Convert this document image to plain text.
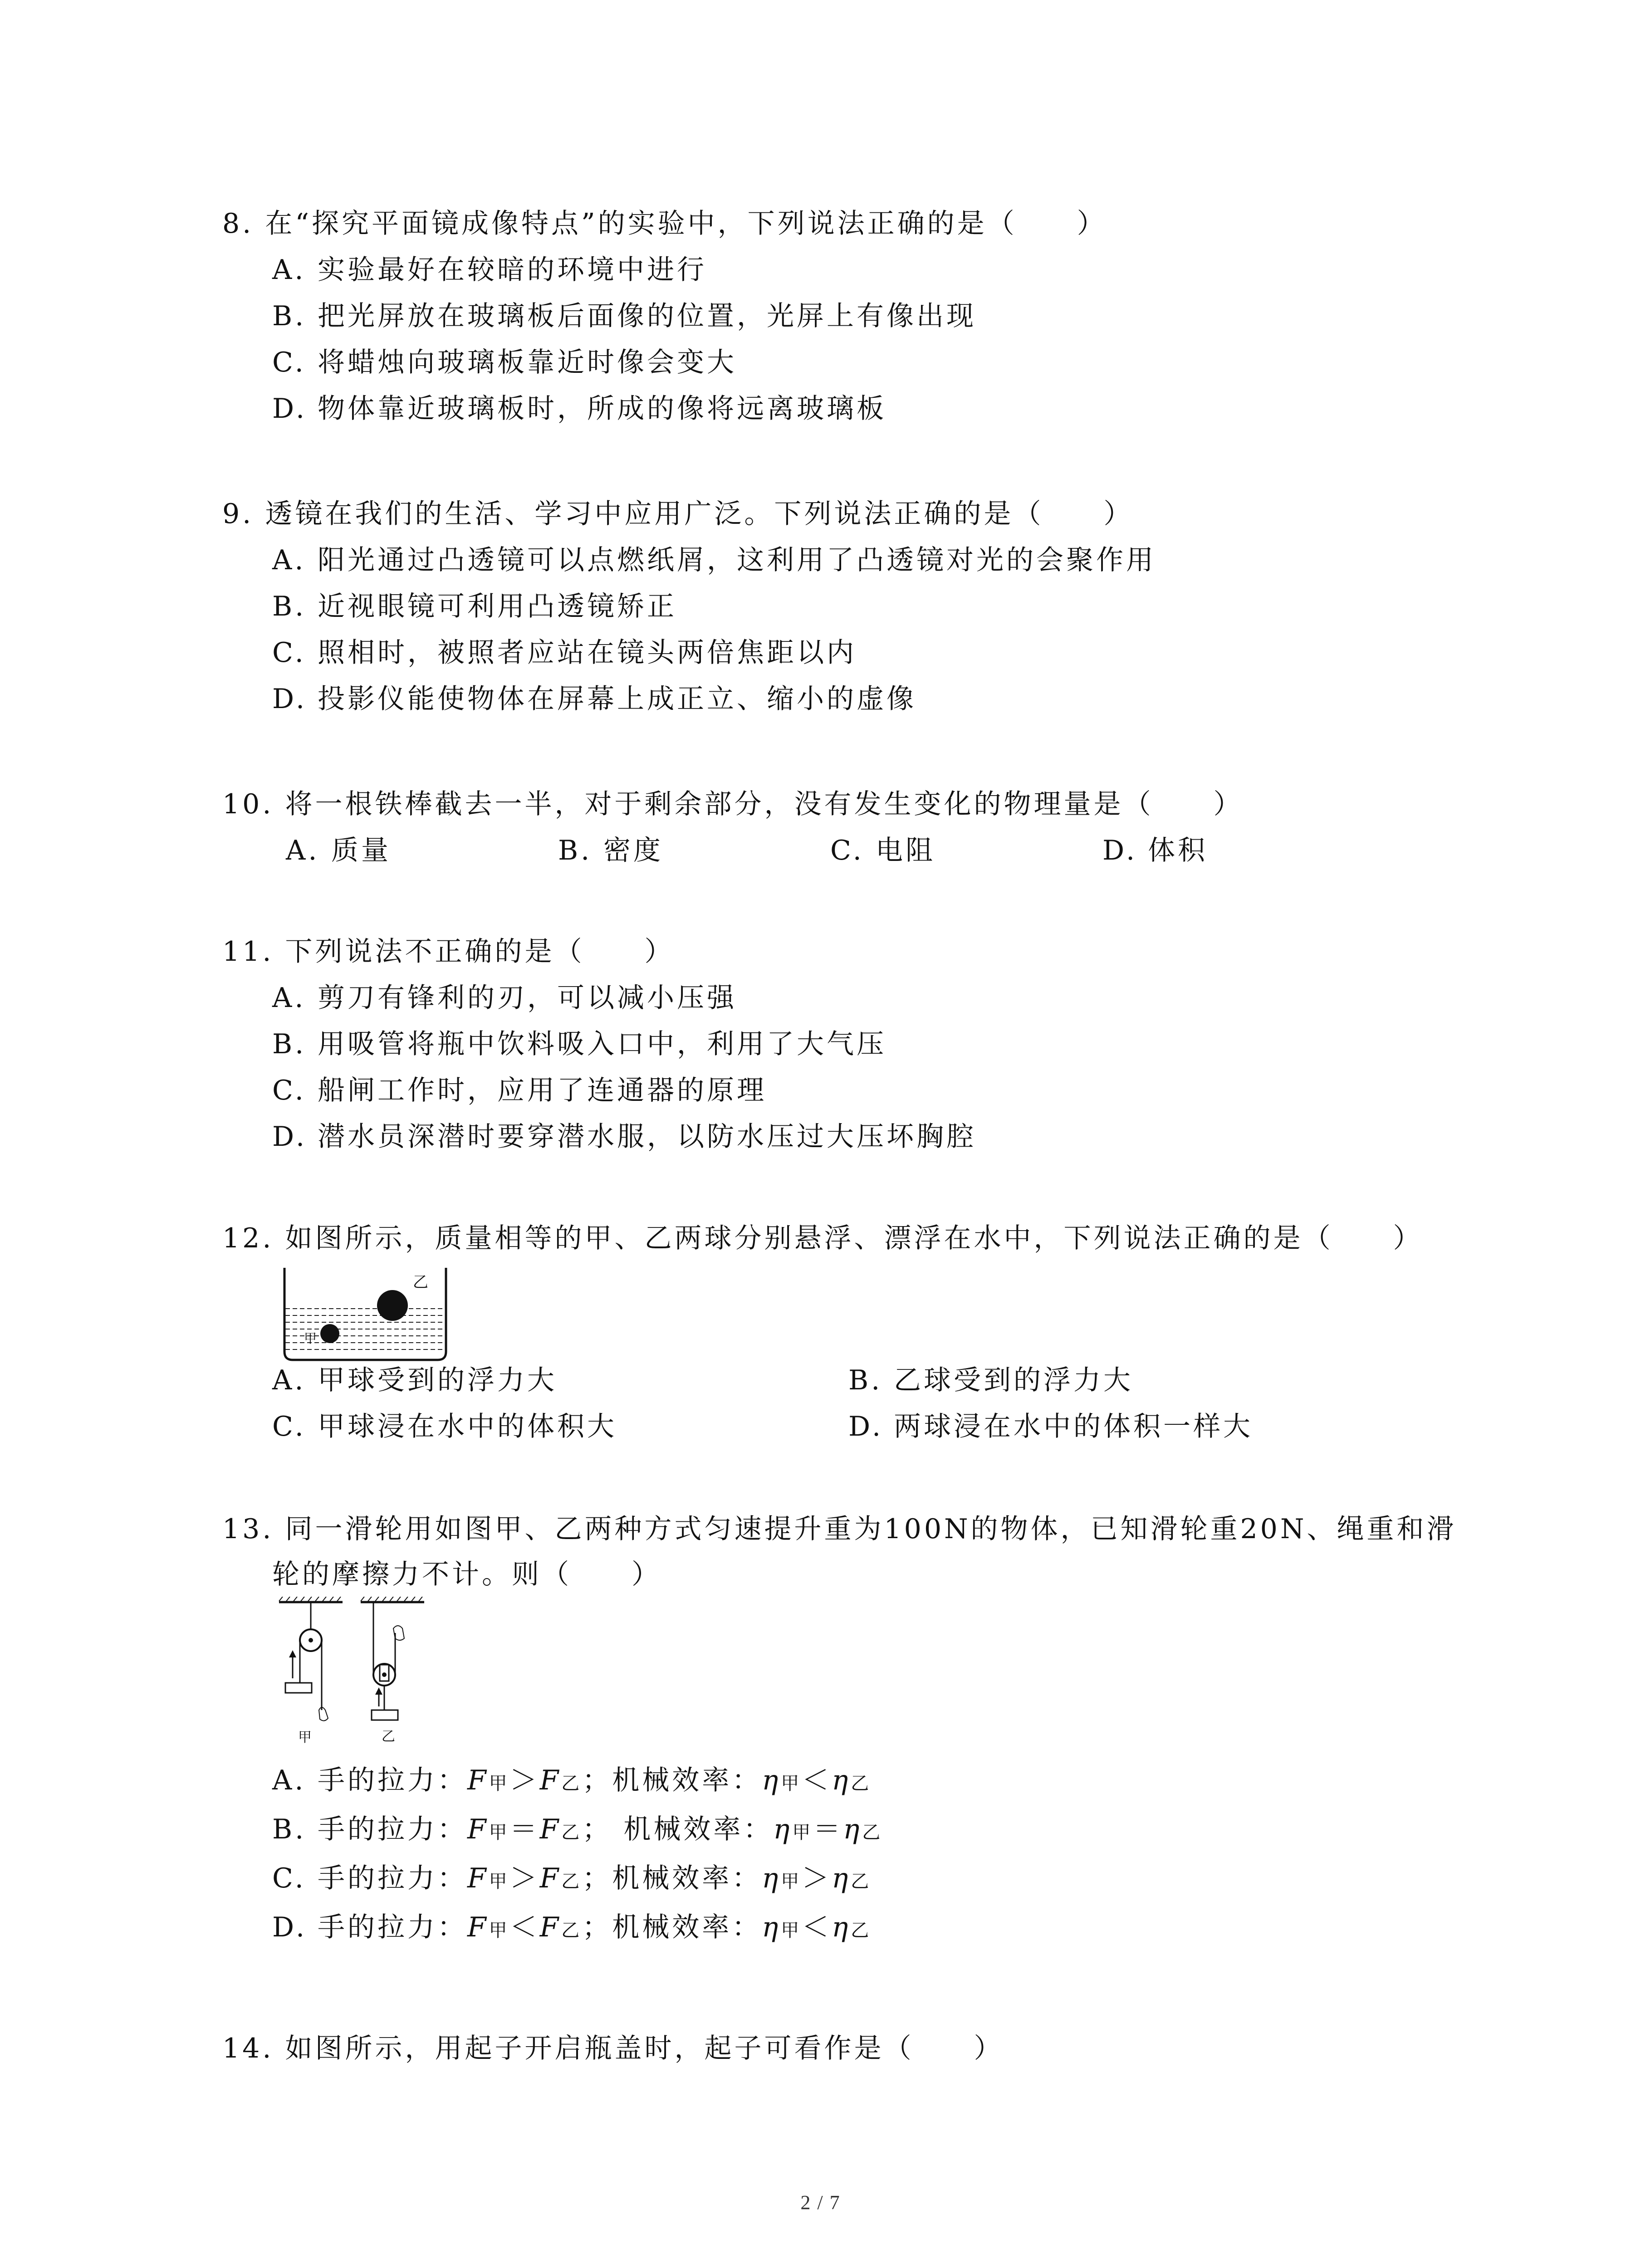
8. 在“探究平面镜成像特点”的实验中，下列说法正确的是（　　）
A. 实验最好在较暗的环境中进行
B. 把光屏放在玻璃板后面像的位置，光屏上有像出现
C. 将蜡烛向玻璃板靠近时像会变大
D. 物体靠近玻璃板时，所成的像将远离玻璃板
9. 透镜在我们的生活、学习中应用广泛。下列说法正确的是（　　）
A. 阳光通过凸透镜可以点燃纸屑，这利用了凸透镜对光的会聚作用
B. 近视眼镜可利用凸透镜矫正
C. 照相时，被照者应站在镜头两倍焦距以内
D. 投影仪能使物体在屏幕上成正立、缩小的虚像
10. 将一根铁棒截去一半，对于剩余部分，没有发生变化的物理量是（　　）
A. 质量	B. 密度	C. 电阻	D. 体积
11. 下列说法不正确的是（　　）
A. 剪刀有锋利的刃，可以减小压强
B. 用吸管将瓶中饮料吸入口中，利用了大气压
C. 船闸工作时，应用了连通器的原理
D. 潜水员深潜时要穿潜水服，以防水压过大压坏胸腔
12. 如图所示，质量相等的甲、乙两球分别悬浮、漂浮在水中，下列说法正确的是（　　）
乙
甲
A. 甲球受到的浮力大	B. 乙球受到的浮力大
C. 甲球浸在水中的体积大	D. 两球浸在水中的体积一样大
13. 同一滑轮用如图甲、乙两种方式匀速提升重为100N的物体，已知滑轮重20N、绳重和滑
轮的摩擦力不计。则（　　）
甲	乙
A. 手的拉力：F甲＞F乙；机械效率：η甲＜η乙
B. 手的拉力：F甲＝F乙； 机械效率：η甲＝η乙
C. 手的拉力：F甲＞F乙；机械效率：η甲＞η乙
D. 手的拉力：F甲＜F乙；机械效率：η甲＜η乙
14. 如图所示，用起子开启瓶盖时，起子可看作是（　　）
2 / 7
